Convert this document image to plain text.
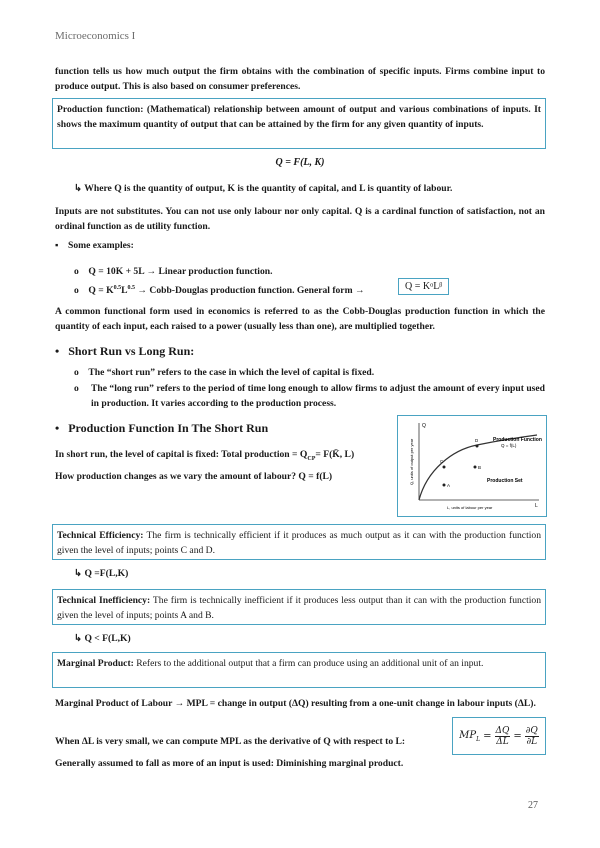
Microeconomics I
function tells us how much output the firm obtains with the combination of specific inputs. Firms combine input to produce output. This is also based on consumer preferences.
Production function: (Mathematical) relationship between amount of output and various combinations of inputs. It shows the maximum quantity of output that can be attained by the firm for any given quantity of inputs.
Q = F(L, K)
↳ Where Q is the quantity of output, K is the quantity of capital, and L is quantity of labour.
Inputs are not substitutes. You can not use only labour nor only capital. Q is a cardinal function of satisfaction, not an ordinal function as de utility function.
▪ Some examples:
o Q = 10K + 5L → Linear production function.
o $Q = K^{0.5}L^{0.5}$ → Cobb-Douglas production function. General form →	Q = KᵅLᵝ
A common functional form used in economics is referred to as the Cobb-Douglas production function in which the quantity of each input, each raised to a power (usually less than one), are multiplied together.
• Short Run vs Long Run:
o The “short run” refers to the case in which the level of capital is fixed.
o The “long run” refers to the period of time long enough to allow firms to adjust the amount of every input used in production. It varies according to the production process.
• Production Function In The Short Run
In short run, the level of capital is fixed: Total production = $Q_{CP}=$ F(K̄, L)
How production changes as we vary the amount of labour? Q = f(L)
Q
L
Q, units of output per year
L, units of labour per year
Production Function
Q = f(L)
Production Set
C
D
B
A
Technical Efficiency: The firm is technically efficient if it produces as much output as it can with the production function given the level of inputs; points C and D.
↳ Q =F(L,K)
Technical Inefficiency: The firm is technically inefficient if it produces less output than it can with the production function given the level of inputs; points A and B.
↳ Q < F(L,K)
Marginal Product: Refers to the additional output that a firm can produce using an additional unit of an input.
Marginal Product of Labour → MPL = change in output (ΔQ) resulting from a one-unit change in labour inputs (ΔL).
When ΔL is very small, we can compute MPL as the derivative of Q with respect to L:
$MP_L = \frac{\Delta Q}{\Delta L} = \frac{\partial Q}{\partial L}$
Generally assumed to fall as more of an input is used: Diminishing marginal product.
27
